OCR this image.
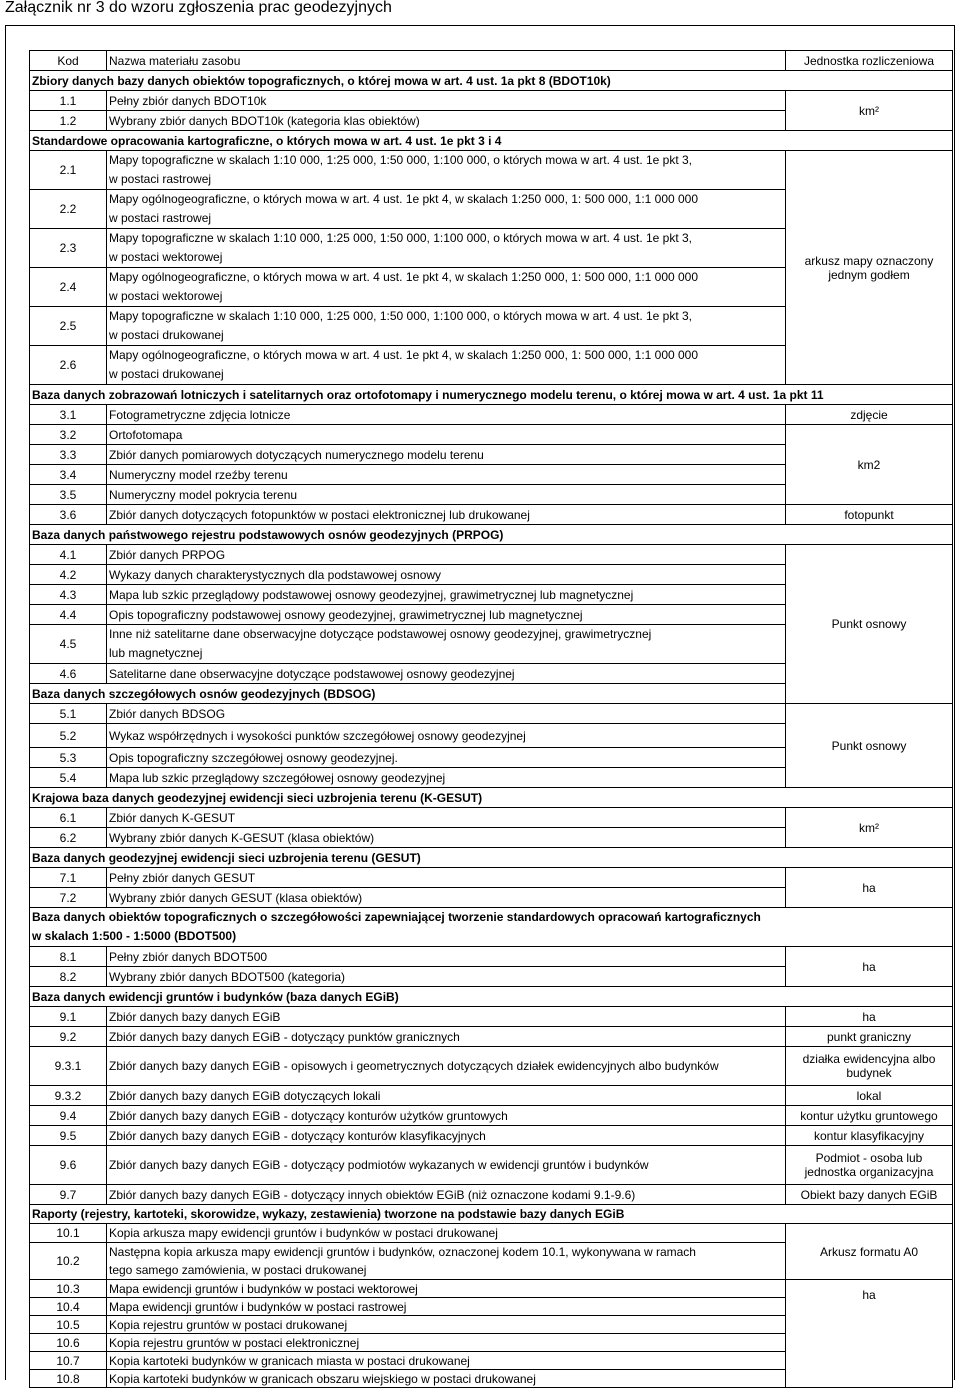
Załącznik nr 3 do wzoru zgłoszenia prac geodezyjnych
Kod	Nazwa materiału zasobu	Jednostka rozliczeniowa
Zbiory danych bazy danych obiektów topograficznych, o której mowa w art. 4 ust. 1a pkt 8 (BDOT10k)		
1.1	Pełny zbiór danych BDOT10k	km²
1.2	Wybrany zbiór danych BDOT10k (kategoria klas obiektów)	
Standardowe opracowania kartograficzne, o których mowa w art. 4 ust. 1e pkt 3 i 4		
2.1	Mapy topograficzne w skalach 1:10 000, 1:25 000, 1:50 000, 1:100 000, o których mowa w art. 4 ust. 1e pkt 3,
w postaci rastrowej	arkusz mapy oznaczony
jednym godłem
2.2	Mapy ogólnogeograficzne, o których mowa w art. 4 ust. 1e pkt 4, w skalach 1:250 000, 1: 500 000, 1:1 000 000
w postaci rastrowej	
2.3	Mapy topograficzne w skalach 1:10 000, 1:25 000, 1:50 000, 1:100 000, o których mowa w art. 4 ust. 1e pkt 3,
w postaci wektorowej	
2.4	Mapy ogólnogeograficzne, o których mowa w art. 4 ust. 1e pkt 4, w skalach 1:250 000, 1: 500 000, 1:1 000 000
w postaci wektorowej	
2.5	Mapy topograficzne w skalach 1:10 000, 1:25 000, 1:50 000, 1:100 000, o których mowa w art. 4 ust. 1e pkt 3,
w postaci drukowanej	
2.6	Mapy ogólnogeograficzne, o których mowa w art. 4 ust. 1e pkt 4, w skalach 1:250 000, 1: 500 000, 1:1 000 000
w postaci drukowanej	
Baza danych zobrazowań lotniczych i satelitarnych oraz ortofotomapy i numerycznego modelu terenu, o której mowa w art. 4 ust. 1a pkt 11		
3.1	Fotogrametryczne zdjęcia lotnicze	zdjęcie
3.2	Ortofotomapa	km2
3.3	Zbiór danych pomiarowych dotyczących numerycznego modelu terenu	
3.4	Numeryczny model rzeźby terenu	
3.5	Numeryczny model pokrycia terenu	
3.6	Zbiór danych dotyczących fotopunktów w postaci elektronicznej lub drukowanej	fotopunkt
Baza danych państwowego rejestru podstawowych osnów geodezyjnych (PRPOG)		
4.1	Zbiór danych PRPOG	Punkt osnowy
4.2	Wykazy danych charakterystycznych dla podstawowej osnowy	
4.3	Mapa lub szkic przeglądowy podstawowej osnowy geodezyjnej, grawimetrycznej lub magnetycznej	
4.4	Opis topograficzny podstawowej osnowy geodezyjnej, grawimetrycznej lub magnetycznej	
4.5	Inne niż satelitarne dane obserwacyjne dotyczące podstawowej osnowy geodezyjnej, grawimetrycznej
lub magnetycznej	
4.6	Satelitarne dane obserwacyjne dotyczące podstawowej osnowy geodezyjnej	
Baza danych szczegółowych osnów geodezyjnych (BDSOG)		
5.1	Zbiór danych BDSOG	Punkt osnowy
5.2	Wykaz współrzędnych i wysokości punktów szczegółowej osnowy geodezyjnej	
5.3	Opis topograficzny szczegółowej osnowy geodezyjnej.	
5.4	Mapa lub szkic przeglądowy szczegółowej osnowy geodezyjnej	
Krajowa baza danych geodezyjnej ewidencji sieci uzbrojenia terenu (K-GESUT)		
6.1	Zbiór danych K-GESUT	km²
6.2	Wybrany zbiór danych K-GESUT (klasa obiektów)	
Baza danych geodezyjnej ewidencji sieci uzbrojenia terenu (GESUT)		
7.1	Pełny zbiór danych GESUT	ha
7.2	Wybrany zbiór danych GESUT (klasa obiektów)	
Baza danych obiektów topograficznych o szczegółowości zapewniającej tworzenie standardowych opracowań kartograficznych
w skalach 1:500 - 1:5000 (BDOT500)		
8.1	Pełny zbiór danych BDOT500	ha
8.2	Wybrany zbiór danych BDOT500 (kategoria)	
Baza danych ewidencji gruntów i budynków (baza danych EGiB)		
9.1	Zbiór danych bazy danych EGiB	ha
9.2	Zbiór danych bazy danych EGiB - dotyczący punktów granicznych	punkt graniczny
9.3.1	Zbiór danych bazy danych EGiB - opisowych i geometrycznych dotyczących działek ewidencyjnych albo budynków	działka ewidencyjna albo
budynek
9.3.2	Zbiór danych bazy danych EGiB dotyczących lokali	lokal
9.4	Zbiór danych bazy danych EGiB - dotyczący konturów użytków gruntowych	kontur użytku gruntowego
9.5	Zbiór danych bazy danych EGiB - dotyczący konturów klasyfikacyjnych	kontur klasyfikacyjny
9.6	Zbiór danych bazy danych EGiB - dotyczący podmiotów wykazanych w ewidencji gruntów i budynków	Podmiot - osoba lub
jednostka organizacyjna
9.7	Zbiór danych bazy danych EGiB - dotyczący innych obiektów EGiB (niż oznaczone kodami 9.1-9.6)	Obiekt bazy danych EGiB
Raporty (rejestry, kartoteki, skorowidze, wykazy, zestawienia) tworzone na podstawie bazy danych EGiB		
10.1	Kopia arkusza mapy ewidencji gruntów i budynków w postaci drukowanej	Arkusz formatu A0
10.2	Następna kopia arkusza mapy ewidencji gruntów i budynków, oznaczonej kodem 10.1, wykonywana w ramach
tego samego zamówienia, w postaci drukowanej	
10.3	Mapa ewidencji gruntów i budynków w postaci wektorowej	ha
10.4	Mapa ewidencji gruntów i budynków w postaci rastrowej	
10.5	Kopia rejestru gruntów w postaci drukowanej	
10.6	Kopia rejestru gruntów w postaci elektronicznej	
10.7	Kopia kartoteki budynków w granicach miasta w postaci drukowanej	
10.8	Kopia kartoteki budynków w granicach obszaru wiejskiego w postaci drukowanej	
